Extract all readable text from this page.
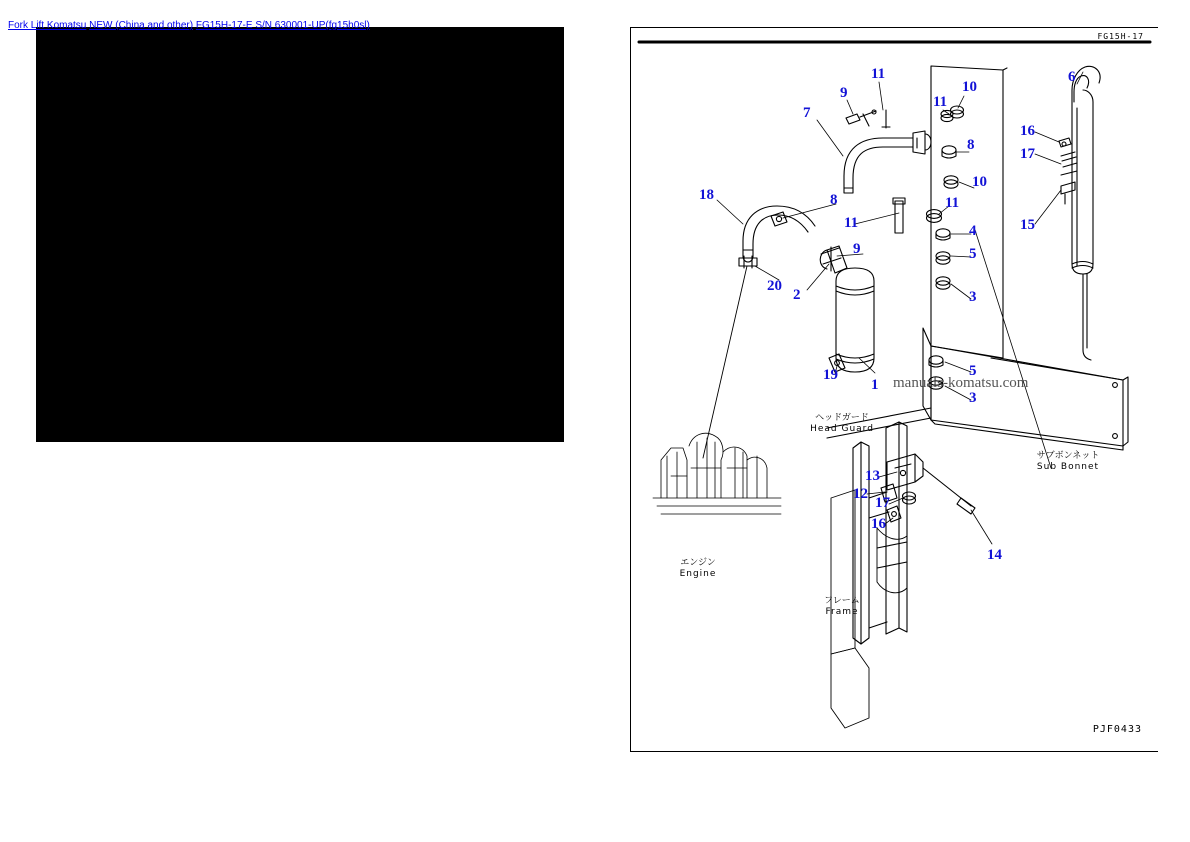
Fork Lift Komatsu NEW (China and other) FG15H-17-E S/N 630001-UP(fg15h0sl)
FG15H-17
ヘッドガード
Head Guard
エンジン
Engine
フレーム
Frame
サブボンネット
Sub Bonnet
11
9	10
11
7
8
6
16
17
10
18	8	11
11	15
4
9	5
20
2	3
19
1
5
3
13
12
17
16
14
manuals-komatsu.com
PJF0433
